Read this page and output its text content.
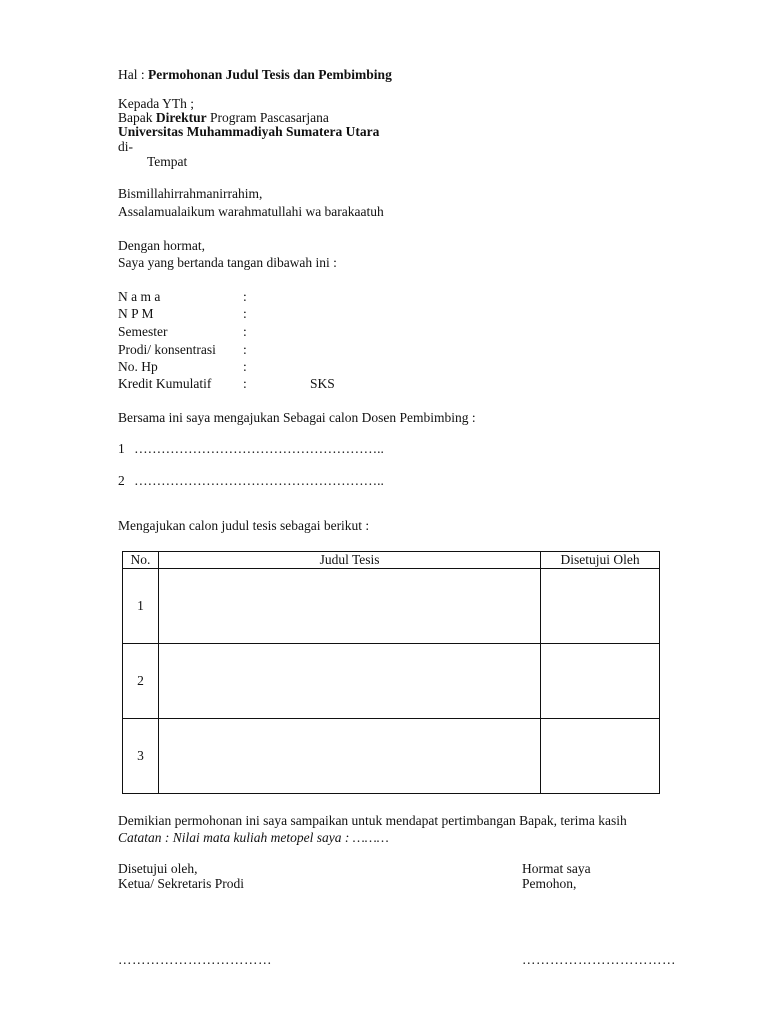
Hal : Permohonan Judul Tesis dan Pembimbing
Kepada YTh ;
Bapak Direktur Program Pascasarjana
Universitas Muhammadiyah Sumatera Utara
di-
Tempat
Bismillahirrahmanirrahim,
Assalamualaikum warahmatullahi wa barakaatuh
Dengan hormat,
Saya yang bertanda tangan dibawah ini :
N a m a	:
N P M	:
Semester	:
Prodi/ konsentrasi :
No. Hp	:
Kredit Kumulatif :	SKS
Bersama ini saya mengajukan Sebagai calon Dosen Pembimbing :
1 ………………………………………………..
2 ………………………………………………..
Mengajukan calon judul tesis sebagai berikut :
No.	Judul Tesis	Disetujui Oleh
1		
2		
3		
Demikian permohonan ini saya sampaikan untuk mendapat pertimbangan Bapak, terima kasih
Catatan : Nilai mata kuliah metopel saya : ………
Disetujui oleh,
Ketua/ Sekretaris Prodi
Hormat saya
Pemohon,
……………………………	……………………………
